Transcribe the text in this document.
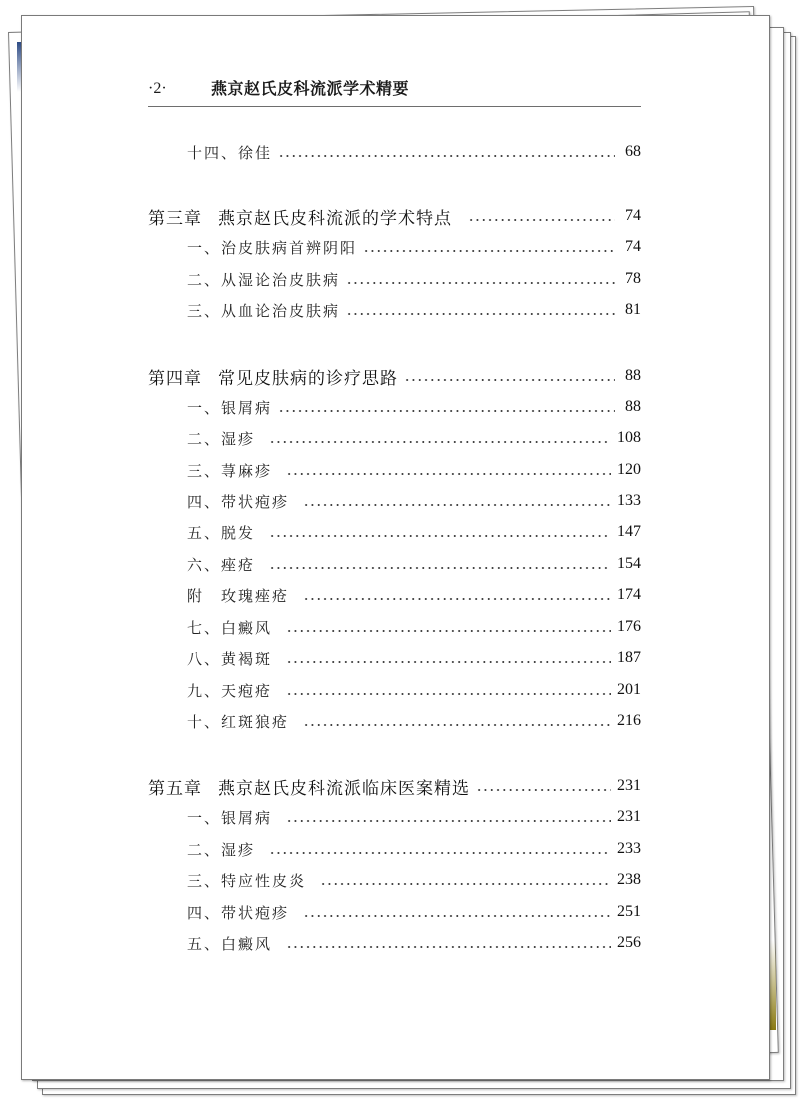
·2·	燕京赵氏皮科流派学术精要
十四、徐佳	68
第三章 燕京赵氏皮科流派的学术特点	74
一、治皮肤病首辨阴阳	74
二、从湿论治皮肤病	78
三、从血论治皮肤病	81
第四章 常见皮肤病的诊疗思路	88
一、银屑病	88
二、湿疹	108
三、荨麻疹	120
四、带状疱疹	133
五、脱发	147
六、痤疮	154
附　玫瑰痤疮	174
七、白癜风	176
八、黄褐斑	187
九、天疱疮	201
十、红斑狼疮	216
第五章 燕京赵氏皮科流派临床医案精选	231
一、银屑病	231
二、湿疹	233
三、特应性皮炎	238
四、带状疱疹	251
五、白癜风	256
